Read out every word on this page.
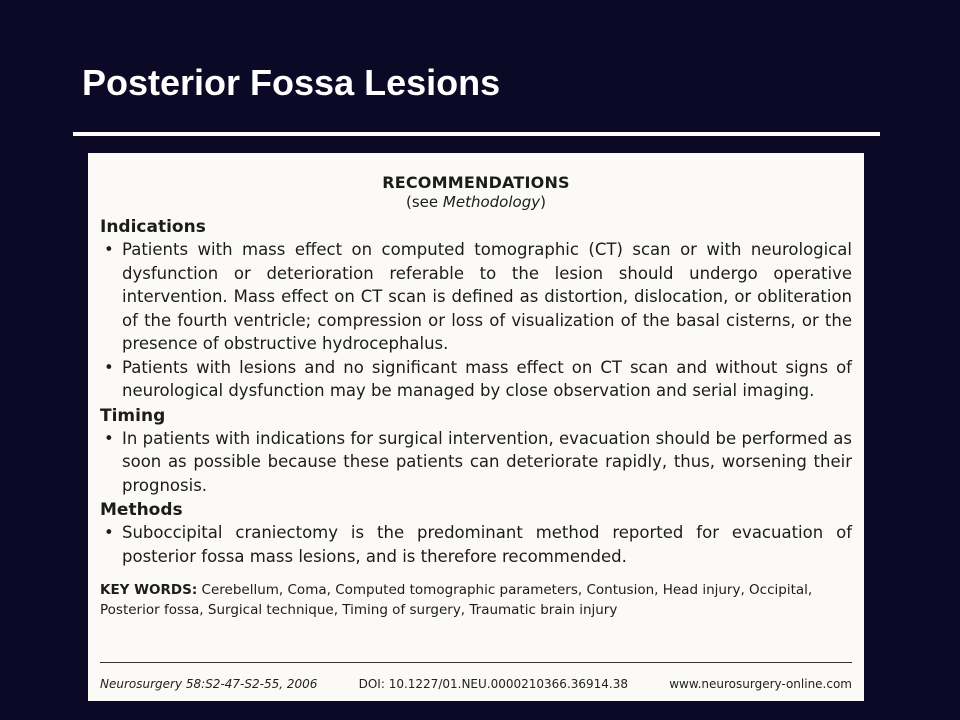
Posterior Fossa Lesions

RECOMMENDATIONS

(see Methodology)

Indications

• Patients with mass effect on computed tomographic (CT) scan or with neurological dysfunction or deterioration referable to the lesion should undergo operative intervention. Mass effect on CT scan is defined as distortion, dislocation, or obliteration of the fourth ventricle; compression or loss of visualization of the basal cisterns, or the presence of obstructive hydrocephalus.

• Patients with lesions and no significant mass effect on CT scan and without signs of neurological dysfunction may be managed by close observation and serial imaging.

Timing

• In patients with indications for surgical intervention, evacuation should be performed as soon as possible because these patients can deteriorate rapidly, thus, worsening their prognosis.

Methods

• Suboccipital craniectomy is the predominant method reported for evacuation of posterior fossa mass lesions, and is therefore recommended.

KEY WORDS: Cerebellum, Coma, Computed tomographic parameters, Contusion, Head injury, Occipital, Posterior fossa, Surgical technique, Timing of surgery, Traumatic brain injury
Neurosurgery 58:S2-47-S2-55, 2006	DOI: 10.1227/01.NEU.0000210366.36914.38	www.neurosurgery-online.com
